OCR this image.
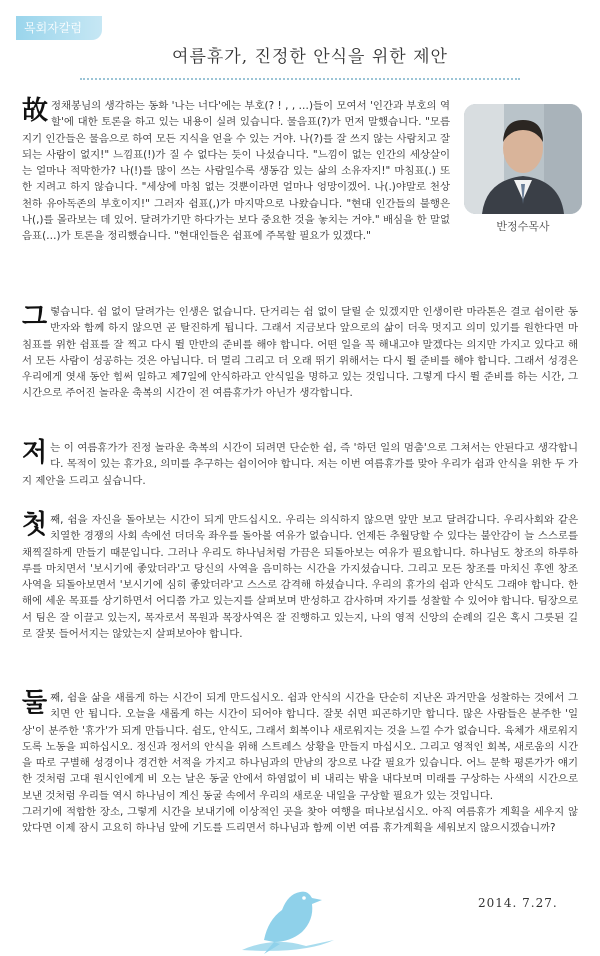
목회자칼럼
여름휴가, 진정한 안식을 위한 제안
반정수목사

故정채봉님의 생각하는 동화 '나는 너다'에는 부호(? ! , , …)들이 모여서 '인간과 부호의 역할'에 대한 토론을 하고 있는 내용이 실려 있습니다. 물음표(?)가 먼저 말했습니다. "모름지기 인간들은 물음으로 하여 모든 지식을 얻을 수 있는 거야. 나(?)를 잘 쓰지 않는 사람치고 잘되는 사람이 없지!" 느낌표(!)가 질 수 없다는 듯이 나섰습니다. "느낌이 없는 인간의 세상살이는 얼마나 적막한가? 나(!)를 많이 쓰는 사람일수록 생동감 있는 삶의 소유자지!" 마침표(.) 또한 지려고 하지 않습니다. "세상에 마침 없는 것뿐이라면 얼마나 엉망이겠어. 나(.)야말로 천상천하 유아독존의 부호이지!" 그러자 쉼표(,)가 마지막으로 나왔습니다. "현대 인간들의 불행은 나(,)를 몰라보는 데 있어. 달려가기만 하다가는 보다 중요한 것을 놓치는 거야." 배심을 한 말없음표(…)가 토론을 정리했습니다. "현대인들은 쉼표에 주목할 필요가 있겠다."

그렇습니다. 쉼 없이 달려가는 인생은 없습니다. 단거리는 쉼 없이 달릴 순 있겠지만 인생이란 마라톤은 결코 쉼이란 동반자와 함께 하지 않으면 곧 탈진하게 됩니다. 그래서 지금보다 앞으로의 삶이 더욱 멋지고 의미 있기를 원한다면 마침표를 위한 쉼표를 잘 찍고 다시 뛸 만반의 준비를 해야 합니다. 어떤 일을 꼭 해내고야 말겠다는 의지만 가지고 있다고 해서 모든 사람이 성공하는 것은 아닙니다. 더 멀리 그리고 더 오래 뛰기 위해서는 다시 뛸 준비를 해야 합니다. 그래서 성경은 우리에게 엿새 동안 힘써 일하고 제7일에 안식하라고 안식일을 명하고 있는 것입니다. 그렇게 다시 뛸 준비를 하는 시간, 그 시간으로 주어진 놀라운 축복의 시간이 전 여름휴가가 아닌가 생각합니다.

저는 이 여름휴가가 진정 놀라운 축복의 시간이 되려면 단순한 쉼, 즉 '하던 일의 멈춤'으로 그쳐서는 안된다고 생각합니다. 목적이 있는 휴가요, 의미를 추구하는 쉼이어야 합니다. 저는 이번 여름휴가를 맞아 우리가 쉼과 안식을 위한 두 가지 제안을 드리고 싶습니다.

첫째, 쉼을 자신을 돌아보는 시간이 되게 만드십시오. 우리는 의식하지 않으면 앞만 보고 달려갑니다. 우리사회와 같은 치열한 경쟁의 사회 속에선 더더욱 좌우를 돌아볼 여유가 없습니다. 언제든 추월당할 수 있다는 불안감이 늘 스스로를 채찍질하게 만들기 때문입니다. 그러나 우리도 하나님처럼 가끔은 되돌아보는 여유가 필요합니다. 하나님도 창조의 하루하루를 마치면서 '보시기에 좋았더라'고 당신의 사역을 음미하는 시간을 가지셨습니다. 그리고 모든 창조를 마치신 후엔 창조사역을 되돌아보면서 '보시기에 심히 좋았더라'고 스스로 감격해 하셨습니다. 우리의 휴가의 쉼과 안식도 그래야 합니다. 한해에 세운 목표를 상기하면서 어디쯤 가고 있는지를 살펴보며 반성하고 감사하며 자기를 성찰할 수 있어야 합니다. 팀장으로서 팀은 잘 이끌고 있는지, 목자로서 목원과 목장사역은 잘 진행하고 있는지, 나의 영적 신앙의 순례의 길은 혹시 그릇된 길로 잘못 들어서지는 않았는지 살펴보아야 합니다.

둘째, 쉼을 삶을 새롭게 하는 시간이 되게 만드십시오. 쉼과 안식의 시간을 단순히 지난온 과거만을 성찰하는 것에서 그치면 안 됩니다. 오늘을 새롭게 하는 시간이 되어야 합니다. 잘못 쉬면 피곤하기만 합니다. 많은 사람들은 분주한 '일상'이 분주한 '휴가'가 되게 만듭니다. 쉼도, 안식도, 그래서 회복이나 새로워지는 것을 느낄 수가 없습니다. 육체가 새로워지도록 노동을 피하십시오. 정신과 정서의 안식을 위해 스트레스 상황을 만들지 마십시오. 그리고 영적인 회복, 새로움의 시간을 따로 구별해 성경이나 경건한 서적을 가지고 하나님과의 만남의 장으로 나갈 필요가 있습니다. 어느 문학 평론가가 얘기한 것처럼 고대 원시인에게 비 오는 날은 동굴 안에서 하염없이 비 내리는 밖을 내다보며 미래를 구상하는 사색의 시간으로 보낸 것처럼 우리들 역시 하나님이 계신 동굴 속에서 우리의 새로운 내일을 구상할 필요가 있는 것입니다.
그러기에 적합한 장소, 그렇게 시간을 보내기에 이상적인 곳을 찾아 여행을 떠나보십시오. 아직 여름휴가 계획을 세우지 않았다면 이제 잠시 고요히 하나님 앞에 기도를 드리면서 하나님과 함께 이번 여름 휴가계획을 세워보지 않으시겠습니까?

2014. 7.27.
